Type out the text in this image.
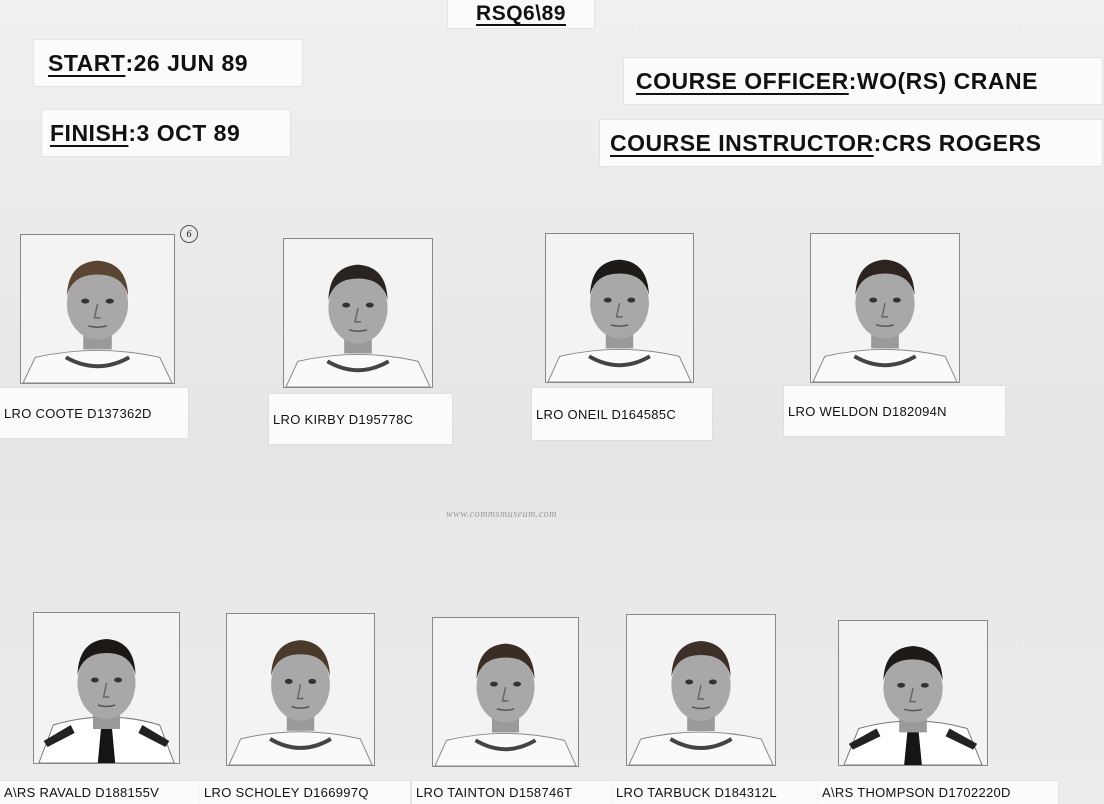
RSQ6\89
START :26 JUN 89
FINISH :3 OCT 89
COURSE OFFICER :WO(RS) CRANE
COURSE INSTRUCTOR :CRS ROGERS
6
www.commsmuseum.com
LRO COOTE D137362D	LRO KIRBY D195778C	LRO ONEIL D164585C	LRO WELDON D182094N
A\RS RAVALD D188155V	LRO SCHOLEY D166997Q	LRO TAINTON D158746T	LRO TARBUCK D184312L	A\RS THOMPSON D1702220D
